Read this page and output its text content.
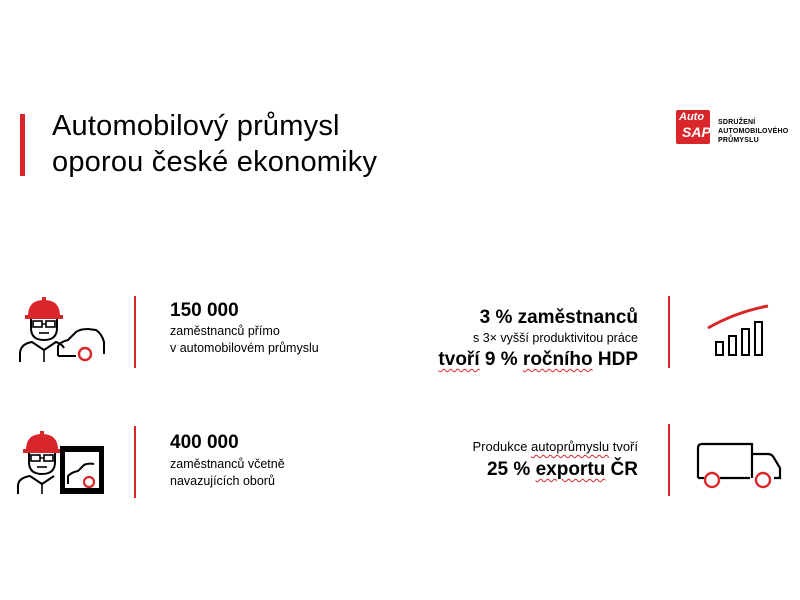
Automobilový průmysl
oporou české ekonomiky
Auto
SAP
SDRUŽENÍ
AUTOMOBILOVÉHO
PRŮMYSLU
150 000
zaměstnanců přímo
v automobilovém průmyslu
3 % zaměstnanců
s 3× vyšší produktivitou práce
tvoří 9 % ročního HDP
400 000
zaměstnanců včetně
navazujících oborů
Produkce autoprůmyslu tvoří
25 % exportu ČR
